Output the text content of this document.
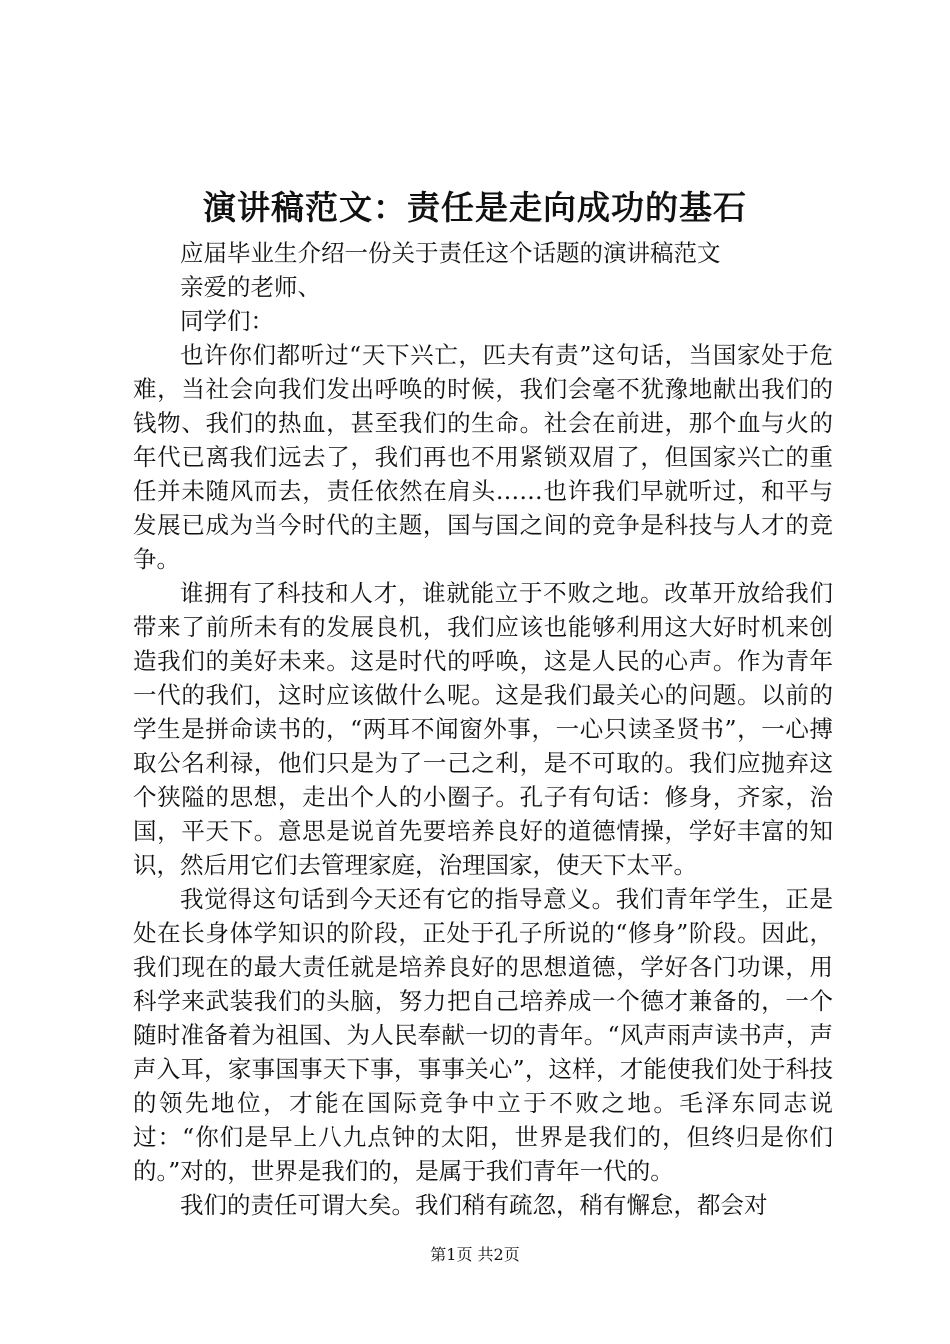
演讲稿范文：责任是走向成功的基石

应届毕业生介绍一份关于责任这个话题的演讲稿范文

亲爱的老师、

同学们：

也许你们都听过“天下兴亡，匹夫有责”这句话，当国家处于危难，当社会向我们发出呼唤的时候，我们会毫不犹豫地献出我们的钱物、我们的热血，甚至我们的生命。社会在前进，那个血与火的年代已离我们远去了，我们再也不用紧锁双眉了，但国家兴亡的重任并未随风而去，责任依然在肩头……也许我们早就听过，和平与发展已成为当今时代的主题，国与国之间的竞争是科技与人才的竞争。

谁拥有了科技和人才，谁就能立于不败之地。改革开放给我们带来了前所未有的发展良机，我们应该也能够利用这大好时机来创造我们的美好未来。这是时代的呼唤，这是人民的心声。作为青年一代的我们，这时应该做什么呢。这是我们最关心的问题。以前的学生是拼命读书的，“两耳不闻窗外事，一心只读圣贤书”，一心搏取公名利禄，他们只是为了一己之利，是不可取的。我们应抛弃这个狭隘的思想，走出个人的小圈子。孔子有句话：修身，齐家，治国，平天下。意思是说首先要培养良好的道德情操，学好丰富的知识，然后用它们去管理家庭，治理国家，使天下太平。

我觉得这句话到今天还有它的指导意义。我们青年学生，正是处在长身体学知识的阶段，正处于孔子所说的“修身”阶段。因此，我们现在的最大责任就是培养良好的思想道德，学好各门功课，用科学来武装我们的头脑，努力把自己培养成一个德才兼备的，一个随时准备着为祖国、为人民奉献一切的青年。“风声雨声读书声，声声入耳，家事国事天下事，事事关心”，这样，才能使我们处于科技的领先地位，才能在国际竞争中立于不败之地。毛泽东同志说过：“你们是早上八九点钟的太阳，世界是我们的，但终归是你们的。”对的，世界是我们的，是属于我们青年一代的。

我们的责任可谓大矣。我们稍有疏忽，稍有懈怠，都会对

第1页 共2页
